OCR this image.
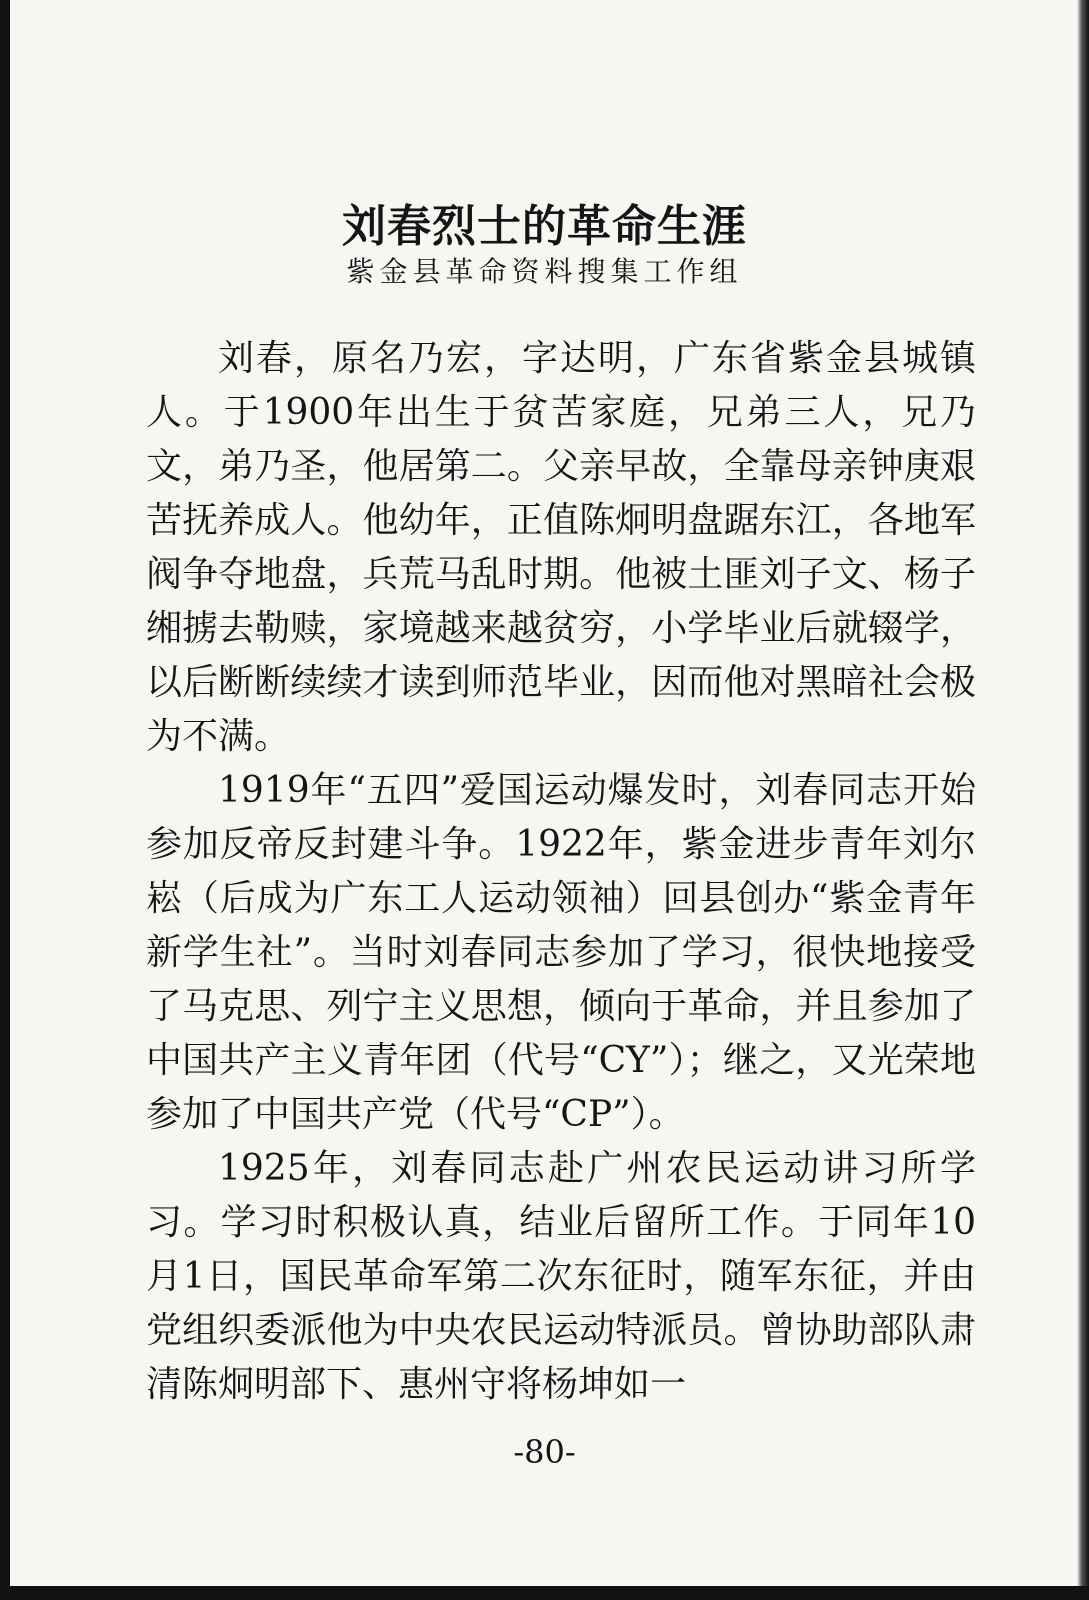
刘春烈士的革命生涯
紫金县革命资料搜集工作组

刘春，原名乃宏，字达明，广东省紫金县城镇人。于1900年出生于贫苦家庭，兄弟三人，兄乃文，弟乃圣，他居第二。父亲早故，全靠母亲钟庚艰苦抚养成人。他幼年，正值陈炯明盘踞东江，各地军阀争夺地盘，兵荒马乱时期。他被土匪刘子文、杨子缃掳去勒赎，家境越来越贫穷，小学毕业后就辍学，以后断断续续才读到师范毕业，因而他对黑暗社会极为不满。

1919年“五四”爱国运动爆发时，刘春同志开始参加反帝反封建斗争。1922年，紫金进步青年刘尔崧（后成为广东工人运动领袖）回县创办“紫金青年新学生社”。当时刘春同志参加了学习，很快地接受了马克思、列宁主义思想，倾向于革命，并且参加了中国共产主义青年团（代号“CY”）；继之，又光荣地参加了中国共产党（代号“CP”）。

1925年，刘春同志赴广州农民运动讲习所学习。学习时积极认真，结业后留所工作。于同年10月1日，国民革命军第二次东征时，随军东征，并由党组织委派他为中央农民运动特派员。曾协助部队肃清陈炯明部下、惠州守将杨坤如一

-80-
